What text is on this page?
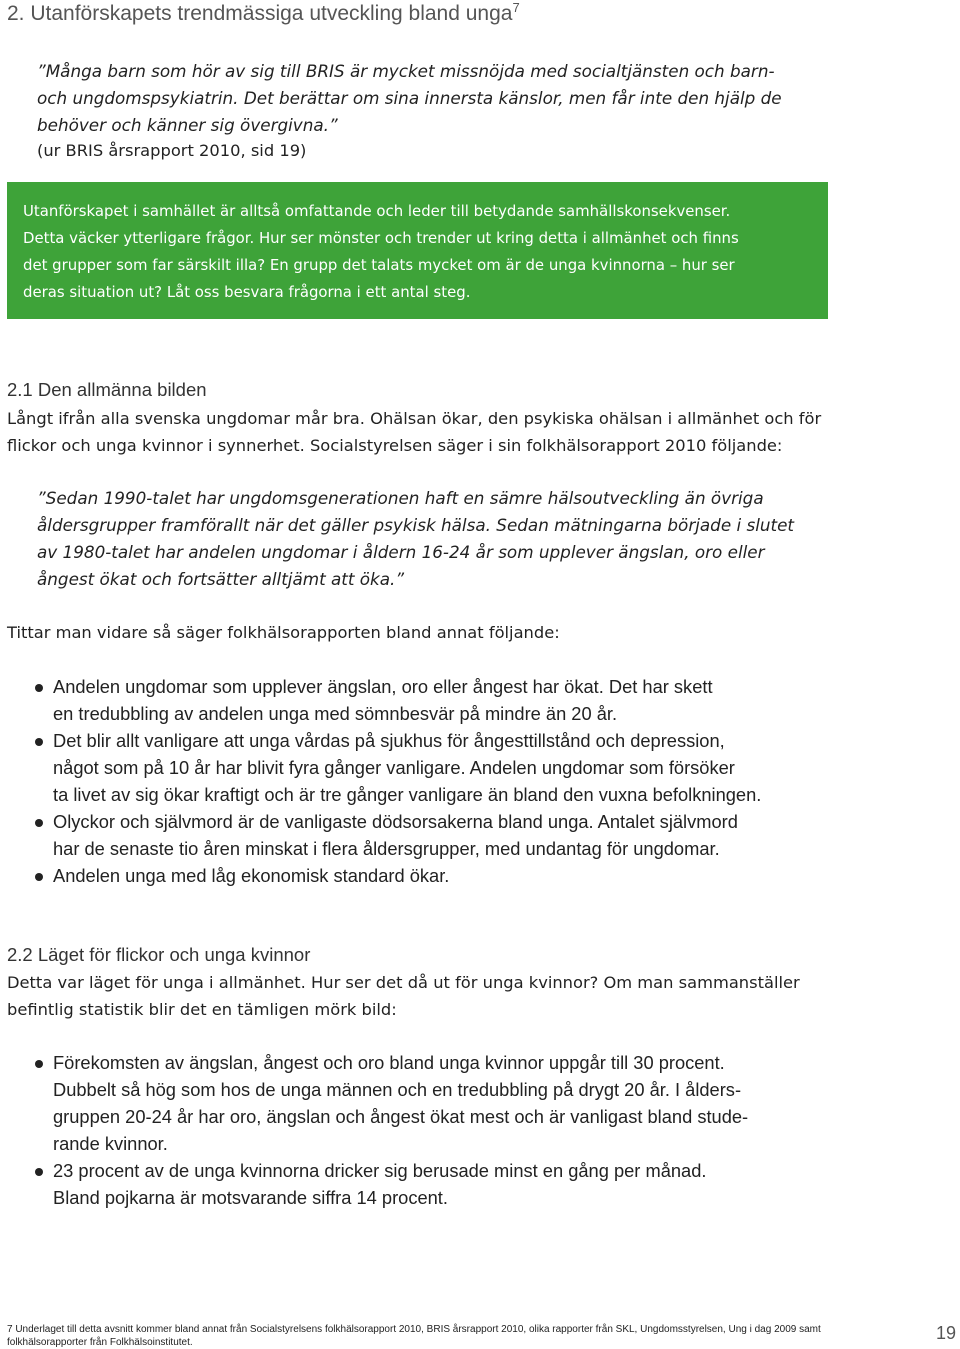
2. Utanförskapets trendmässiga utveckling bland unga$^7$
”Många barn som hör av sig till BRIS är mycket missnöjda med socialtjänsten och barn-
och ungdomspsykiatrin. Det berättar om sina innersta känslor, men får inte den hjälp de
behöver och känner sig övergivna.”
(ur BRIS årsrapport 2010, sid 19)
Utanförskapet i samhället är alltså omfattande och leder till betydande samhällskonsekvenser.
Detta väcker ytterligare frågor. Hur ser mönster och trender ut kring detta i allmänhet och finns
det grupper som far särskilt illa? En grupp det talats mycket om är de unga kvinnorna – hur ser
deras situation ut? Låt oss besvara frågorna i ett antal steg.
2.1 Den allmänna bilden
Långt ifrån alla svenska ungdomar mår bra. Ohälsan ökar, den psykiska ohälsan i allmänhet och för
flickor och unga kvinnor i synnerhet. Socialstyrelsen säger i sin folkhälsorapport 2010 följande:
”Sedan 1990-talet har ungdomsgenerationen haft en sämre hälsoutveckling än övriga
åldersgrupper framförallt när det gäller psykisk hälsa. Sedan mätningarna började i slutet
av 1980-talet har andelen ungdomar i åldern 16-24 år som upplever ängslan, oro eller
ångest ökat och fortsätter alltjämt att öka.”
Tittar man vidare så säger folkhälsorapporten bland annat följande:
Andelen ungdomar som upplever ängslan, oro eller ångest har ökat. Det har skett
en tredubbling av andelen unga med sömnbesvär på mindre än 20 år.
Det blir allt vanligare att unga vårdas på sjukhus för ångesttillstånd och depression,
något som på 10 år har blivit fyra gånger vanligare. Andelen ungdomar som försöker
ta livet av sig ökar kraftigt och är tre gånger vanligare än bland den vuxna befolkningen.
Olyckor och självmord är de vanligaste dödsorsakerna bland unga. Antalet självmord
har de senaste tio åren minskat i flera åldersgrupper, med undantag för ungdomar.
Andelen unga med låg ekonomisk standard ökar.
2.2 Läget för flickor och unga kvinnor
Detta var läget för unga i allmänhet. Hur ser det då ut för unga kvinnor? Om man sammanställer
befintlig statistik blir det en tämligen mörk bild:
Förekomsten av ängslan, ångest och oro bland unga kvinnor uppgår till 30 procent.
Dubbelt så hög som hos de unga männen och en tredubbling på drygt 20 år. I ålders-
gruppen 20-24 år har oro, ängslan och ångest ökat mest och är vanligast bland stude-
rande kvinnor.
23 procent av de unga kvinnorna dricker sig berusade minst en gång per månad.
Bland pojkarna är motsvarande siffra 14 procent.
7 Underlaget till detta avsnitt kommer bland annat från Socialstyrelsens folkhälsorapport 2010, BRIS årsrapport 2010, olika rapporter från SKL, Ungdomsstyrelsen, Ung i dag 2009 samt
folkhälsorapporter från Folkhälsoinstitutet.	19
